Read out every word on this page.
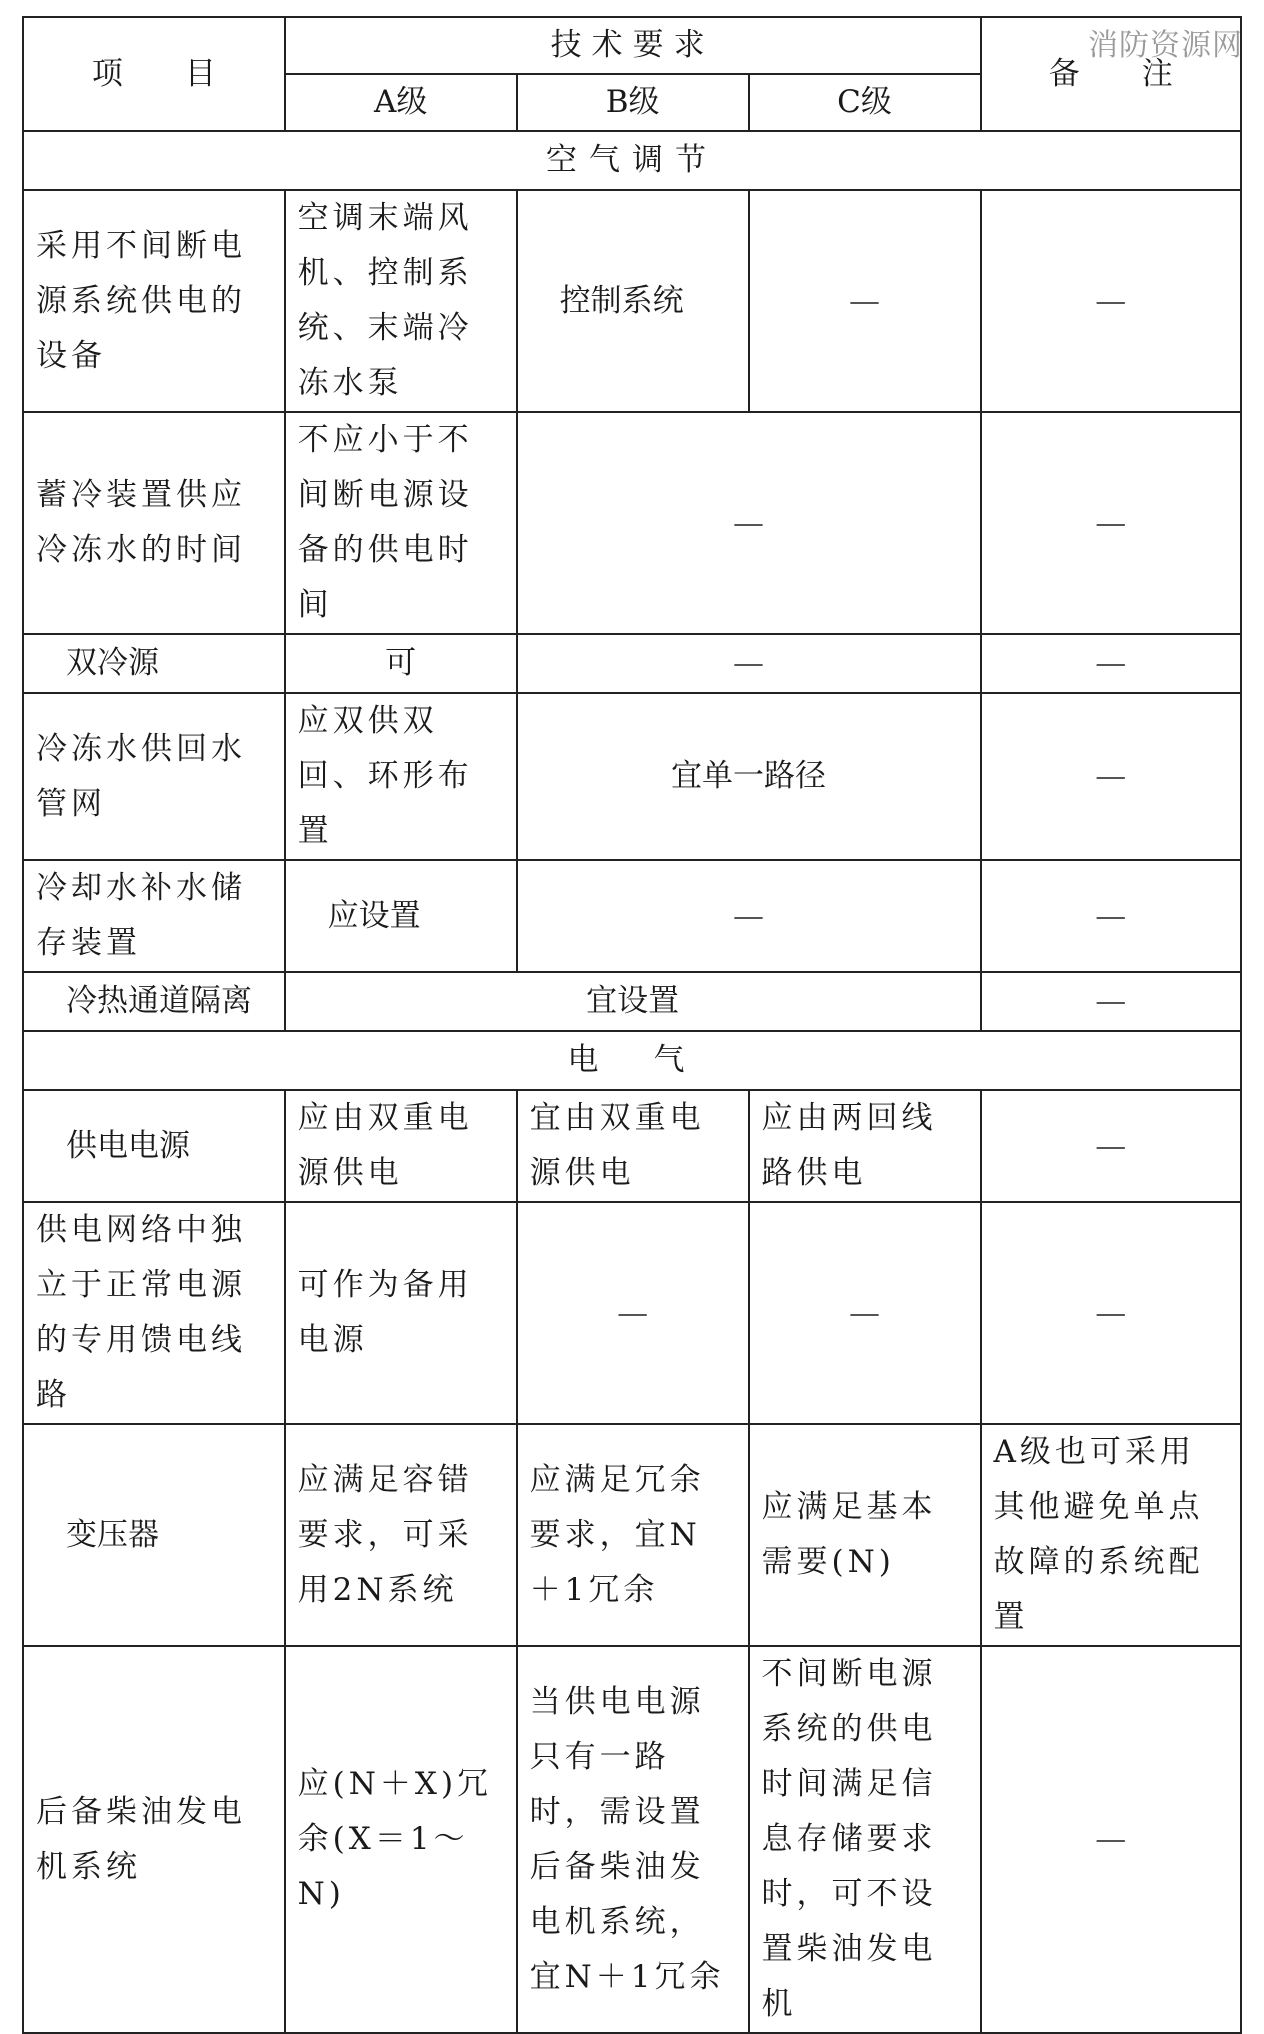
消防资源网
项　　目	技术要求			备　　注
	A级	B级	C级	
空气调节				
采用不间断电源系统供电的设备	空调末端风机、控制系统、末端冷冻水泵	控制系统	—	—
蓄冷装置供应冷冻水的时间	不应小于不间断电源设备的供电时间	—		—
双冷源	可	—		—
冷冻水供回水管网	应双供双回、环形布置	宜单一路径		—
冷却水补水储存装置	应设置	—		—
冷热通道隔离	宜设置			—
电　气				
供电电源	应由双重电源供电	宜由双重电源供电	应由两回线路供电	—
供电网络中独立于正常电源的专用馈电线路	可作为备用电源	—	—	—
变压器	应满足容错要求，可采用2N系统	应满足冗余要求，宜N＋1冗余	应满足基本需要(N)	A级也可采用其他避免单点故障的系统配置
后备柴油发电机系统	应(N＋X)冗余(X＝1～N)	当供电电源只有一路时，需设置后备柴油发电机系统，宜N＋1冗余	不间断电源系统的供电时间满足信息存储要求时，可不设置柴油发电机	—
